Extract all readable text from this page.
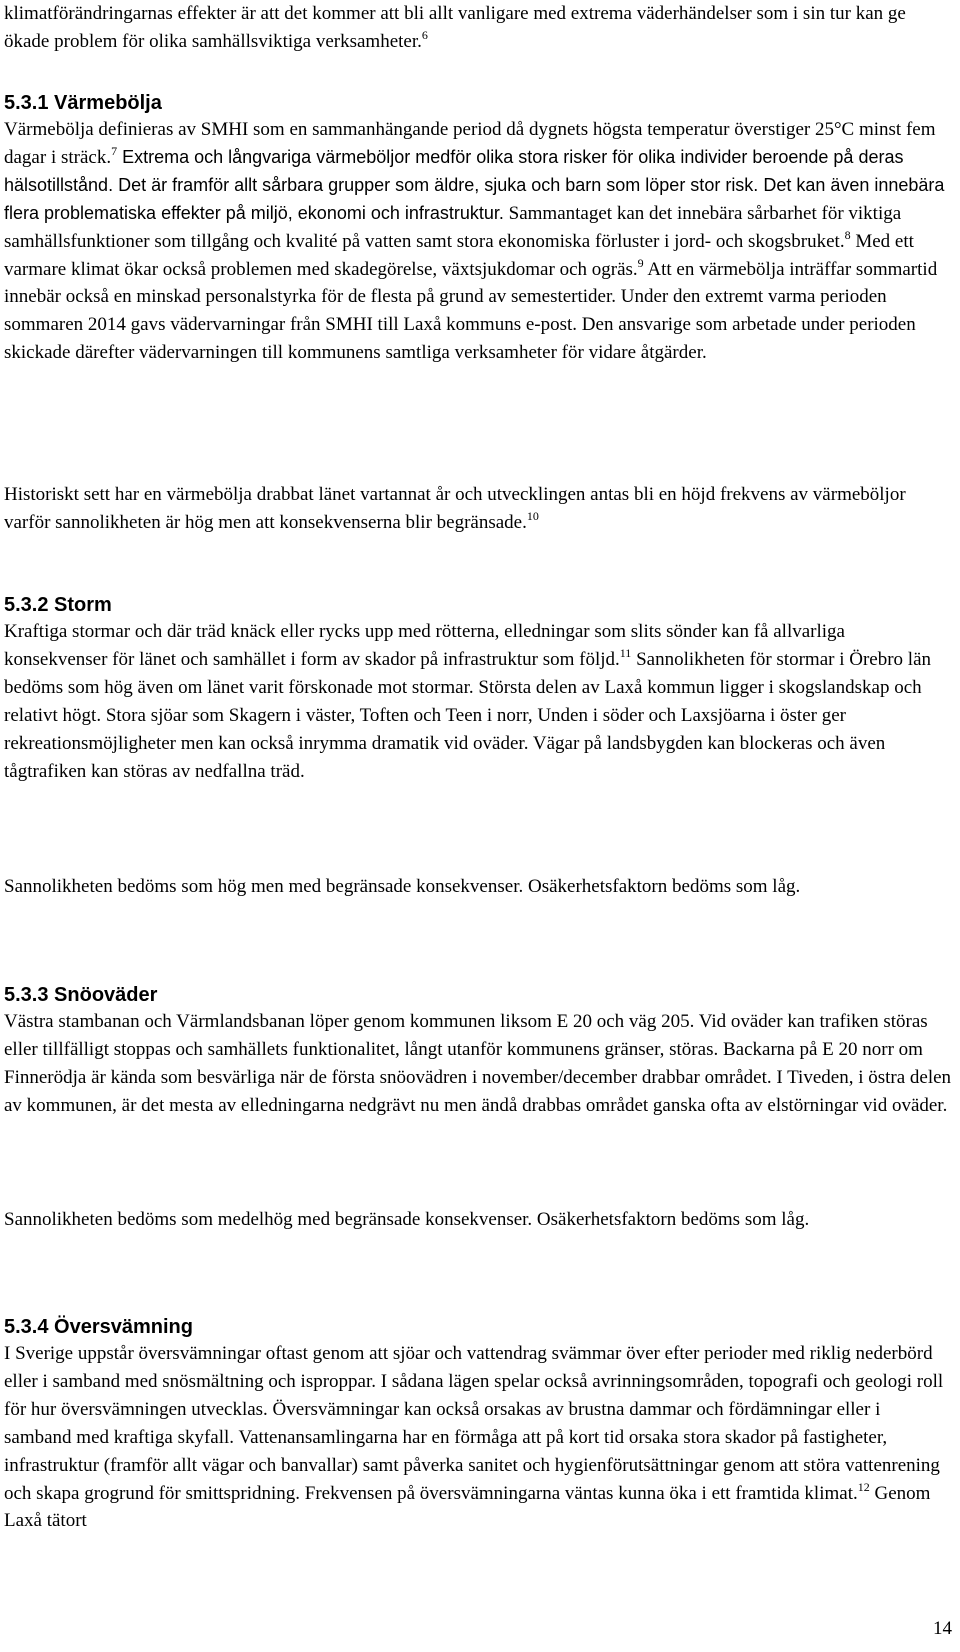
klimatförändringarnas effekter är att det kommer att bli allt vanligare med extrema väderhändelser som i sin tur kan ge ökade problem för olika samhällsviktiga verksamheter.$^6$

5.3.1 Värmebölja

Värmebölja definieras av SMHI som en sammanhängande period då dygnets högsta temperatur överstiger 25°C minst fem dagar i sträck.$^7$ Extrema och långvariga värmeböljor medför olika stora risker för olika individer beroende på deras hälsotillstånd. Det är framför allt sårbara grupper som äldre, sjuka och barn som löper stor risk. Det kan även innebära flera problematiska effekter på miljö, ekonomi och infrastruktur. Sammantaget kan det innebära sårbarhet för viktiga samhällsfunktioner som tillgång och kvalité på vatten samt stora ekonomiska förluster i jord- och skogsbruket.$^8$ Med ett varmare klimat ökar också problemen med skadegörelse, växtsjukdomar och ogräs.$^9$ Att en värmebölja inträffar sommartid innebär också en minskad personalstyrka för de flesta på grund av semestertider. Under den extremt varma perioden sommaren 2014 gavs vädervarningar från SMHI till Laxå kommuns e-post. Den ansvarige som arbetade under perioden skickade därefter vädervarningen till kommunens samtliga verksamheter för vidare åtgärder.

Historiskt sett har en värmebölja drabbat länet vartannat år och utvecklingen antas bli en höjd frekvens av värmeböljor varför sannolikheten är hög men att konsekvenserna blir begränsade.$^{10}$

5.3.2 Storm

Kraftiga stormar och där träd knäck eller rycks upp med rötterna, elledningar som slits sönder kan få allvarliga konsekvenser för länet och samhället i form av skador på infrastruktur som följd.$^{11}$ Sannolikheten för stormar i Örebro län bedöms som hög även om länet varit förskonade mot stormar. Största delen av Laxå kommun ligger i skogslandskap och relativt högt. Stora sjöar som Skagern i väster, Toften och Teen i norr, Unden i söder och Laxsjöarna i öster ger rekreationsmöjligheter men kan också inrymma dramatik vid oväder. Vägar på landsbygden kan blockeras och även tågtrafiken kan störas av nedfallna träd.

Sannolikheten bedöms som hög men med begränsade konsekvenser. Osäkerhetsfaktorn bedöms som låg.

5.3.3 Snöoväder

Västra stambanan och Värmlandsbanan löper genom kommunen liksom E 20 och väg 205. Vid oväder kan trafiken störas eller tillfälligt stoppas och samhällets funktionalitet, långt utanför kommunens gränser, störas. Backarna på E 20 norr om Finnerödja är kända som besvärliga när de första snöovädren i november/december drabbar området. I Tiveden, i östra delen av kommunen, är det mesta av elledningarna nedgrävt nu men ändå drabbas området ganska ofta av elstörningar vid oväder.

Sannolikheten bedöms som medelhög med begränsade konsekvenser. Osäkerhetsfaktorn bedöms som låg.

5.3.4 Översvämning

I Sverige uppstår översvämningar oftast genom att sjöar och vattendrag svämmar över efter perioder med riklig nederbörd eller i samband med snösmältning och isproppar. I sådana lägen spelar också avrinningsområden, topografi och geologi roll för hur översvämningen utvecklas. Översvämningar kan också orsakas av brustna dammar och fördämningar eller i samband med kraftiga skyfall. Vattenansamlingarna har en förmåga att på kort tid orsaka stora skador på fastigheter, infrastruktur (framför allt vägar och banvallar) samt påverka sanitet och hygienförutsättningar genom att störa vattenrening och skapa grogrund för smittspridning. Frekvensen på översvämningarna väntas kunna öka i ett framtida klimat.$^{12}$ Genom Laxå tätort

14
